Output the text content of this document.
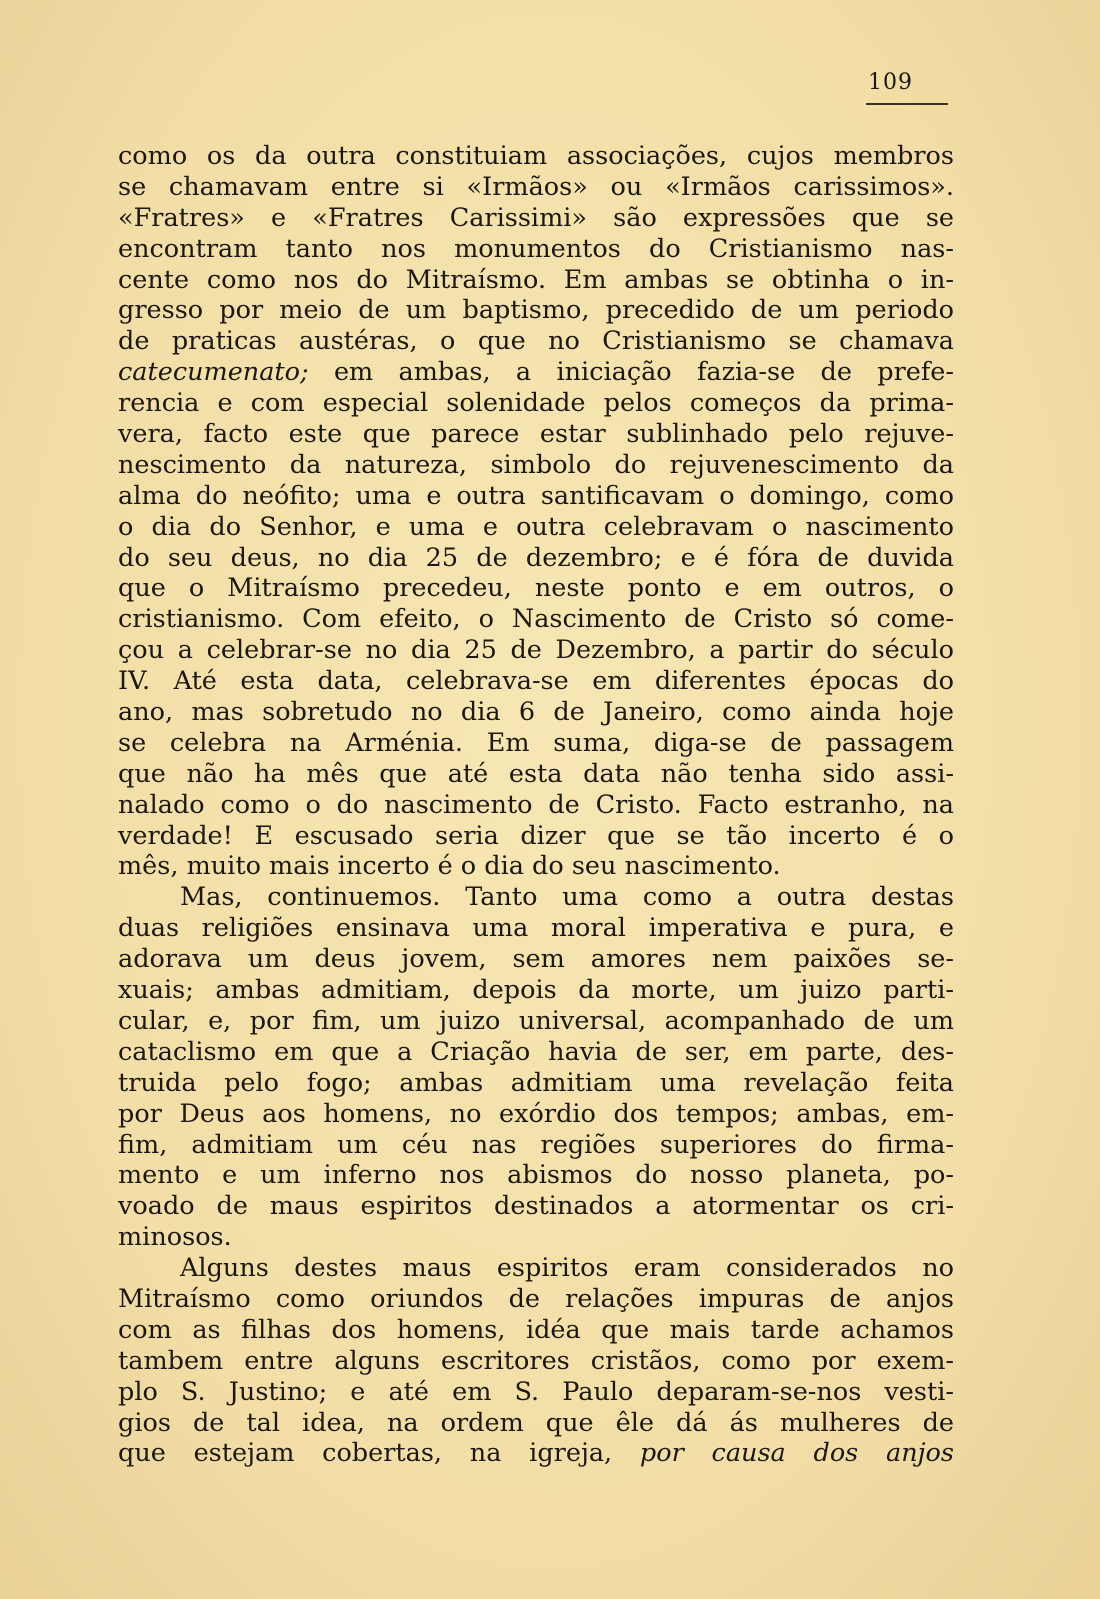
109
como os da outra constituiam associações, cujos membros
se chamavam entre si «Irmãos» ou «Irmãos carissimos».
«Fratres» e «Fratres Carissimi» são expressões que se
encontram tanto nos monumentos do Cristianismo nas-
cente como nos do Mitraísmo. Em ambas se obtinha o in-
gresso por meio de um baptismo, precedido de um periodo
de praticas austéras, o que no Cristianismo se chamava
catecumenato; em ambas, a iniciação fazia-se de prefe-
rencia e com especial solenidade pelos começos da prima-
vera, facto este que parece estar sublinhado pelo rejuve-
nescimento da natureza, simbolo do rejuvenescimento da
alma do neófito; uma e outra santificavam o domingo, como
o dia do Senhor, e uma e outra celebravam o nascimento
do seu deus, no dia 25 de dezembro; e é fóra de duvida
que o Mitraísmo precedeu, neste ponto e em outros, o
cristianismo. Com efeito, o Nascimento de Cristo só come-
çou a celebrar-se no dia 25 de Dezembro, a partir do século
IV. Até esta data, celebrava-se em diferentes épocas do
ano, mas sobretudo no dia 6 de Janeiro, como ainda hoje
se celebra na Arménia. Em suma, diga-se de passagem
que não ha mês que até esta data não tenha sido assi-
nalado como o do nascimento de Cristo. Facto estranho, na
verdade! E escusado seria dizer que se tão incerto é o
mês, muito mais incerto é o dia do seu nascimento.
Mas, continuemos. Tanto uma como a outra destas
duas religiões ensinava uma moral imperativa e pura, e
adorava um deus jovem, sem amores nem paixões se-
xuais; ambas admitiam, depois da morte, um juizo parti-
cular, e, por fim, um juizo universal, acompanhado de um
cataclismo em que a Criação havia de ser, em parte, des-
truida pelo fogo; ambas admitiam uma revelação feita
por Deus aos homens, no exórdio dos tempos; ambas, em-
fim, admitiam um céu nas regiões superiores do firma-
mento e um inferno nos abismos do nosso planeta, po-
voado de maus espiritos destinados a atormentar os cri-
minosos.
Alguns destes maus espiritos eram considerados no
Mitraísmo como oriundos de relações impuras de anjos
com as filhas dos homens, idéa que mais tarde achamos
tambem entre alguns escritores cristãos, como por exem-
plo S. Justino; e até em S. Paulo deparam-se-nos vesti-
gios de tal idea, na ordem que êle dá ás mulheres de
que estejam cobertas, na igreja, por causa dos anjos
